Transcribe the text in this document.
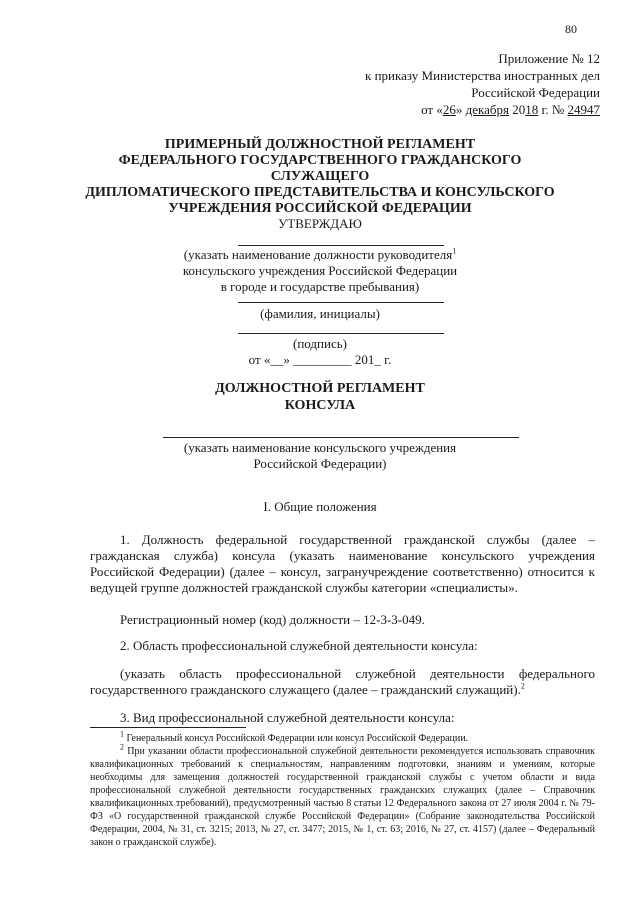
80
Приложение № 12
к приказу Министерства иностранных дел
Российской Федерации
от «26» декабря 2018 г. № 24947
ПРИМЕРНЫЙ ДОЛЖНОСТНОЙ РЕГЛАМЕНТ
ФЕДЕРАЛЬНОГО ГОСУДАРСТВЕННОГО ГРАЖДАНСКОГО СЛУЖАЩЕГО
ДИПЛОМАТИЧЕСКОГО ПРЕДСТАВИТЕЛЬСТВА И КОНСУЛЬСКОГО
УЧРЕЖДЕНИЯ РОССИЙСКОЙ ФЕДЕРАЦИИ
УТВЕРЖДАЮ
(указать наименование должности руководителя$^1$
консульского учреждения Российской Федерации
в городе и государстве пребывания)
(фамилия, инициалы)
(подпись)
от «__» _________ 201_ г.
ДОЛЖНОСТНОЙ РЕГЛАМЕНТ
КОНСУЛА
(указать наименование консульского учреждения
Российской Федерации)
I. Общие положения

1. Должность федеральной государственной гражданской службы (далее – гражданская служба) консула (указать наименование консульского учреждения Российской Федерации) (далее – консул, загранучреждение соответственно) относится к ведущей группе должностей гражданской службы категории «специалисты».

Регистрационный номер (код) должности – 12-3-3-049.

2. Область профессиональной служебной деятельности консула:

(указать область профессиональной служебной деятельности федерального государственного гражданского служащего (далее – гражданский служащий).$^2$

3. Вид профессиональной служебной деятельности консула:

$^1$ Генеральный консул Российской Федерации или консул Российской Федерации.

$^2$ При указании области профессиональной служебной деятельности рекомендуется использовать справочник квалификационных требований к специальностям, направлениям подготовки, знаниям и умениям, которые необходимы для замещения должностей государственной гражданской службы с учетом области и вида профессиональной служебной деятельности государственных гражданских служащих (далее – Справочник квалификационных требований), предусмотренный частью 8 статьи 12 Федерального закона от 27 июля 2004 г. № 79-ФЗ «О государственной гражданской службе Российской Федерации» (Собрание законодательства Российской Федерации, 2004, № 31, ст. 3215; 2013, № 27, ст. 3477; 2015, № 1, ст. 63; 2016, № 27, ст. 4157) (далее – Федеральный закон о гражданской службе).
